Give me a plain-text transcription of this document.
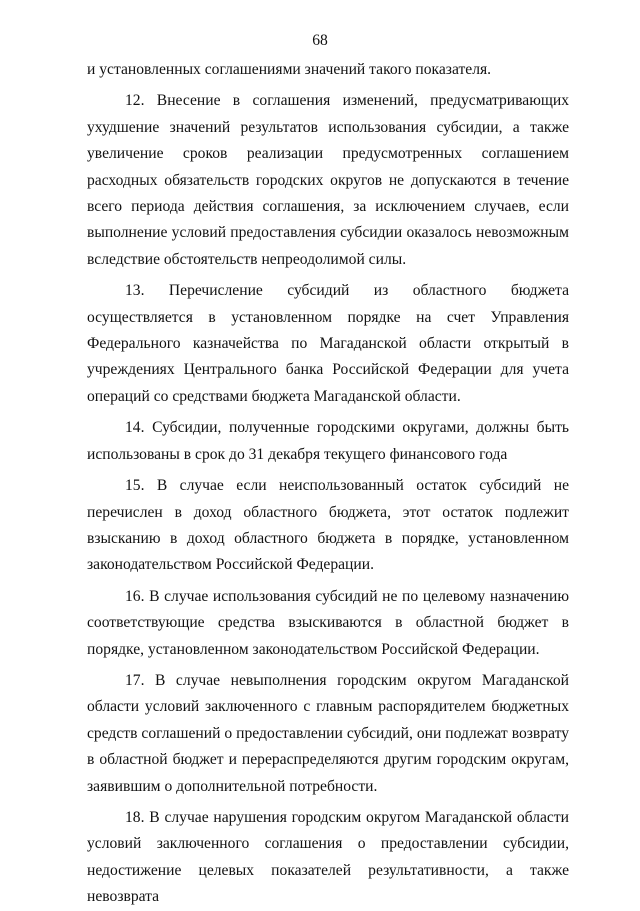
68

и установленных соглашениями значений такого показателя.

12. Внесение в соглашения изменений, предусматривающих ухудшение значений результатов использования субсидии, а также увеличение сроков реализации предусмотренных соглашением расходных обязательств городских округов не допускаются в течение всего периода действия соглашения, за исключением случаев, если выполнение условий предоставления субсидии оказалось невозможным вследствие обстоятельств непреодолимой силы.

13. Перечисление субсидий из областного бюджета осуществляется в установленном порядке на счет Управления Федерального казначейства по Магаданской области открытый в учреждениях Центрального банка Российской Федерации для учета операций со средствами бюджета Магаданской области.

14. Субсидии, полученные городскими округами, должны быть использованы в срок до 31 декабря текущего финансового года

15. В случае если неиспользованный остаток субсидий не перечислен в доход областного бюджета, этот остаток подлежит взысканию в доход областного бюджета в порядке, установленном законодательством Российской Федерации.

16. В случае использования субсидий не по целевому назначению соответствующие средства взыскиваются в областной бюджет в порядке, установленном законодательством Российской Федерации.

17. В случае невыполнения городским округом Магаданской области условий заключенного с главным распорядителем бюджетных средств соглашений о предоставлении субсидий, они подлежат возврату в областной бюджет и перераспределяются другим городским округам, заявившим о дополнительной потребности.

18. В случае нарушения городским округом Магаданской области условий заключенного соглашения о предоставлении субсидии, недостижение целевых показателей результативности, а также невозврата
